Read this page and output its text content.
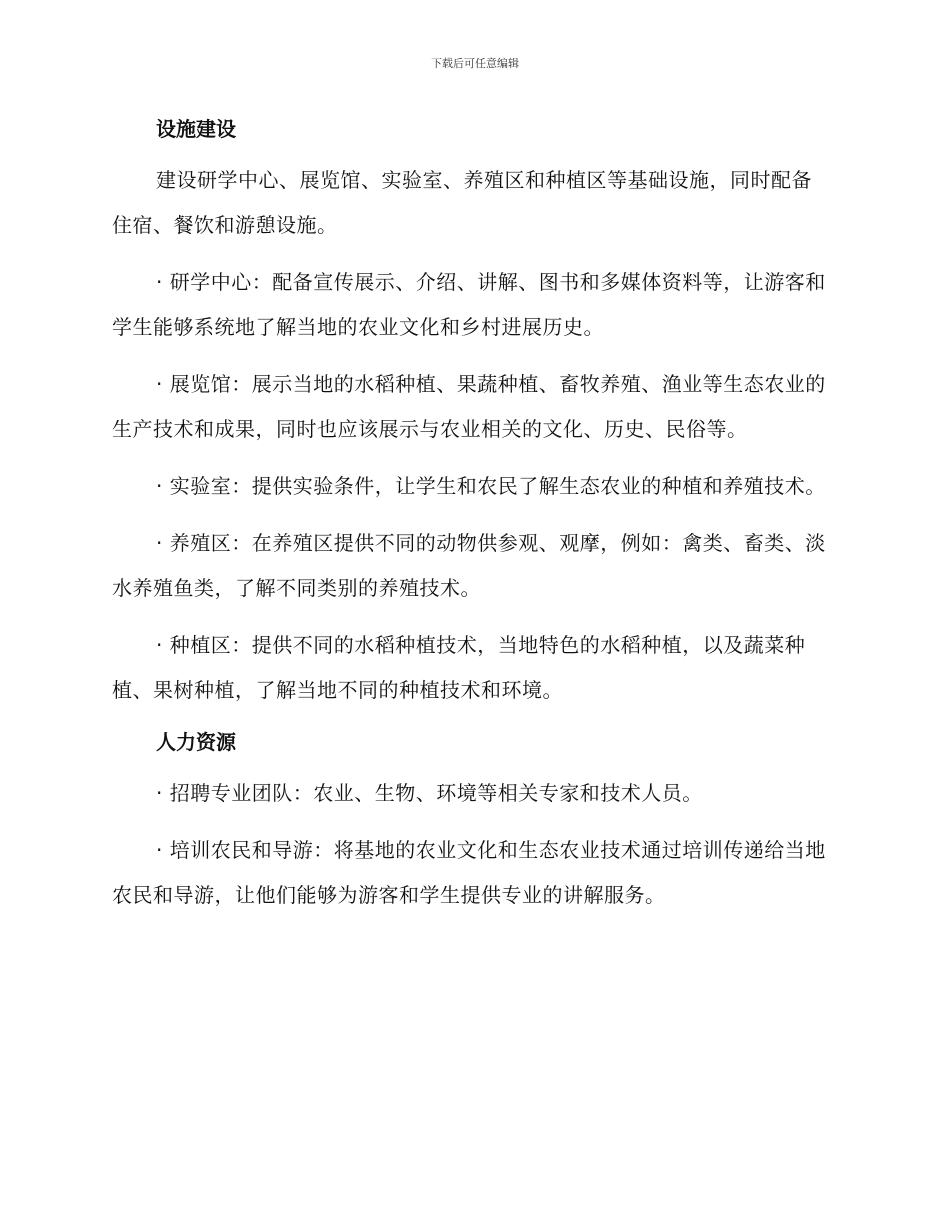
下载后可任意编辑
设施建设

建设研学中心、展览馆、实验室、养殖区和种植区等基础设施，同时配备住宿、餐饮和游憩设施。

· 研学中心：配备宣传展示、介绍、讲解、图书和多媒体资料等，让游客和学生能够系统地了解当地的农业文化和乡村进展历史。

· 展览馆：展示当地的水稻种植、果蔬种植、畜牧养殖、渔业等生态农业的生产技术和成果，同时也应该展示与农业相关的文化、历史、民俗等。

· 实验室：提供实验条件，让学生和农民了解生态农业的种植和养殖技术。

· 养殖区：在养殖区提供不同的动物供参观、观摩，例如：禽类、畜类、淡水养殖鱼类，了解不同类别的养殖技术。

· 种植区：提供不同的水稻种植技术，当地特色的水稻种植，以及蔬菜种植、果树种植，了解当地不同的种植技术和环境。

人力资源

· 招聘专业团队：农业、生物、环境等相关专家和技术人员。

· 培训农民和导游：将基地的农业文化和生态农业技术通过培训传递给当地农民和导游，让他们能够为游客和学生提供专业的讲解服务。
